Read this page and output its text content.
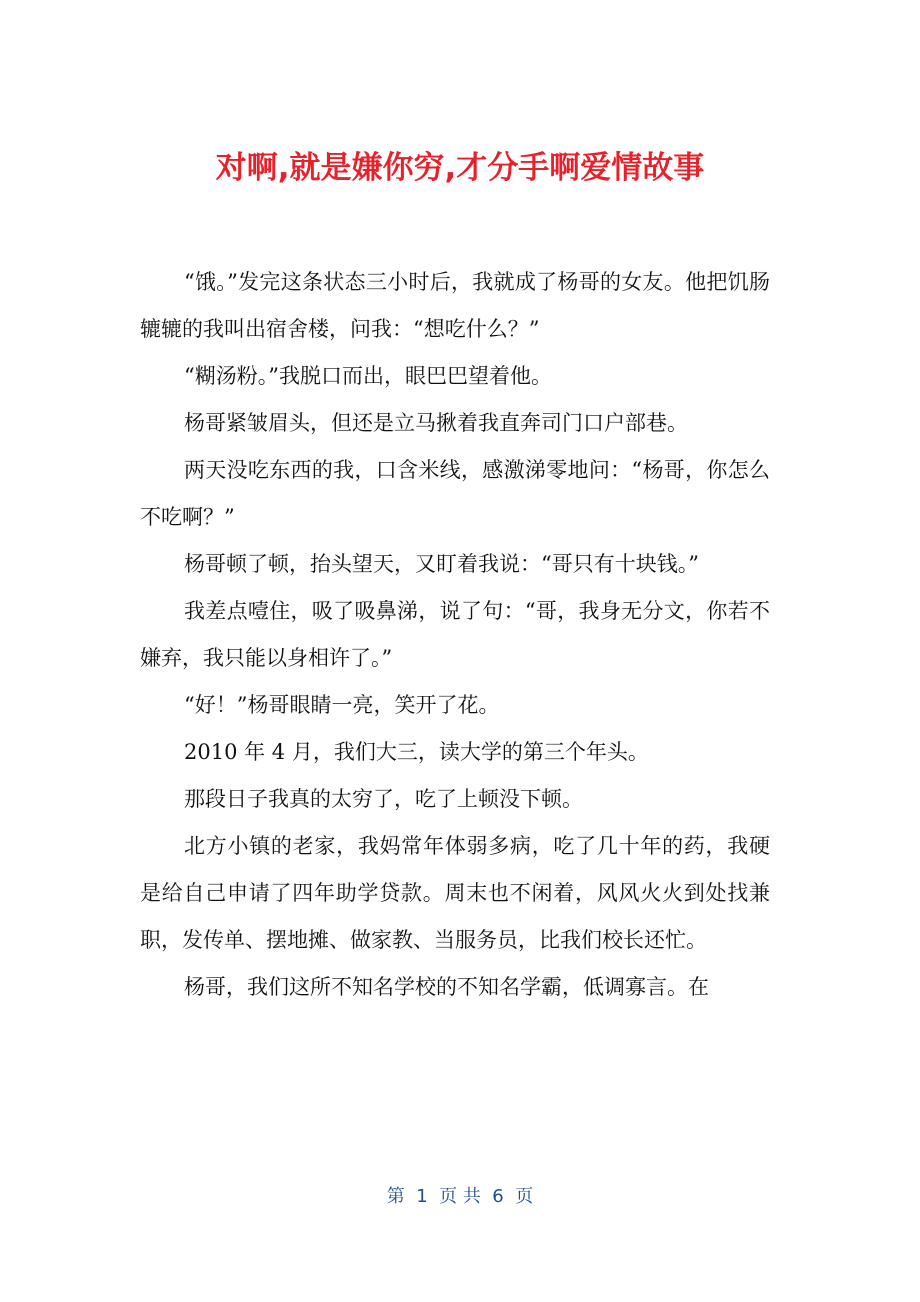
对啊,就是嫌你穷,才分手啊爱情故事

“饿。”发完这条状态三小时后，我就成了杨哥的女友。他把饥肠辘辘的我叫出宿舍楼，问我：“想吃什么？”

“糊汤粉。”我脱口而出，眼巴巴望着他。

杨哥紧皱眉头，但还是立马揪着我直奔司门口户部巷。

两天没吃东西的我，口含米线，感激涕零地问：“杨哥，你怎么不吃啊？”

杨哥顿了顿，抬头望天，又盯着我说：“哥只有十块钱。”

我差点噎住，吸了吸鼻涕，说了句：“哥，我身无分文，你若不嫌弃，我只能以身相许了。”

“好！”杨哥眼睛一亮，笑开了花。

2010 年 4 月，我们大三，读大学的第三个年头。

那段日子我真的太穷了，吃了上顿没下顿。

北方小镇的老家，我妈常年体弱多病，吃了几十年的药，我硬是给自己申请了四年助学贷款。周末也不闲着，风风火火到处找兼职，发传单、摆地摊、做家教、当服务员，比我们校长还忙。

杨哥，我们这所不知名学校的不知名学霸，低调寡言。在

第  1  页 共  6  页
